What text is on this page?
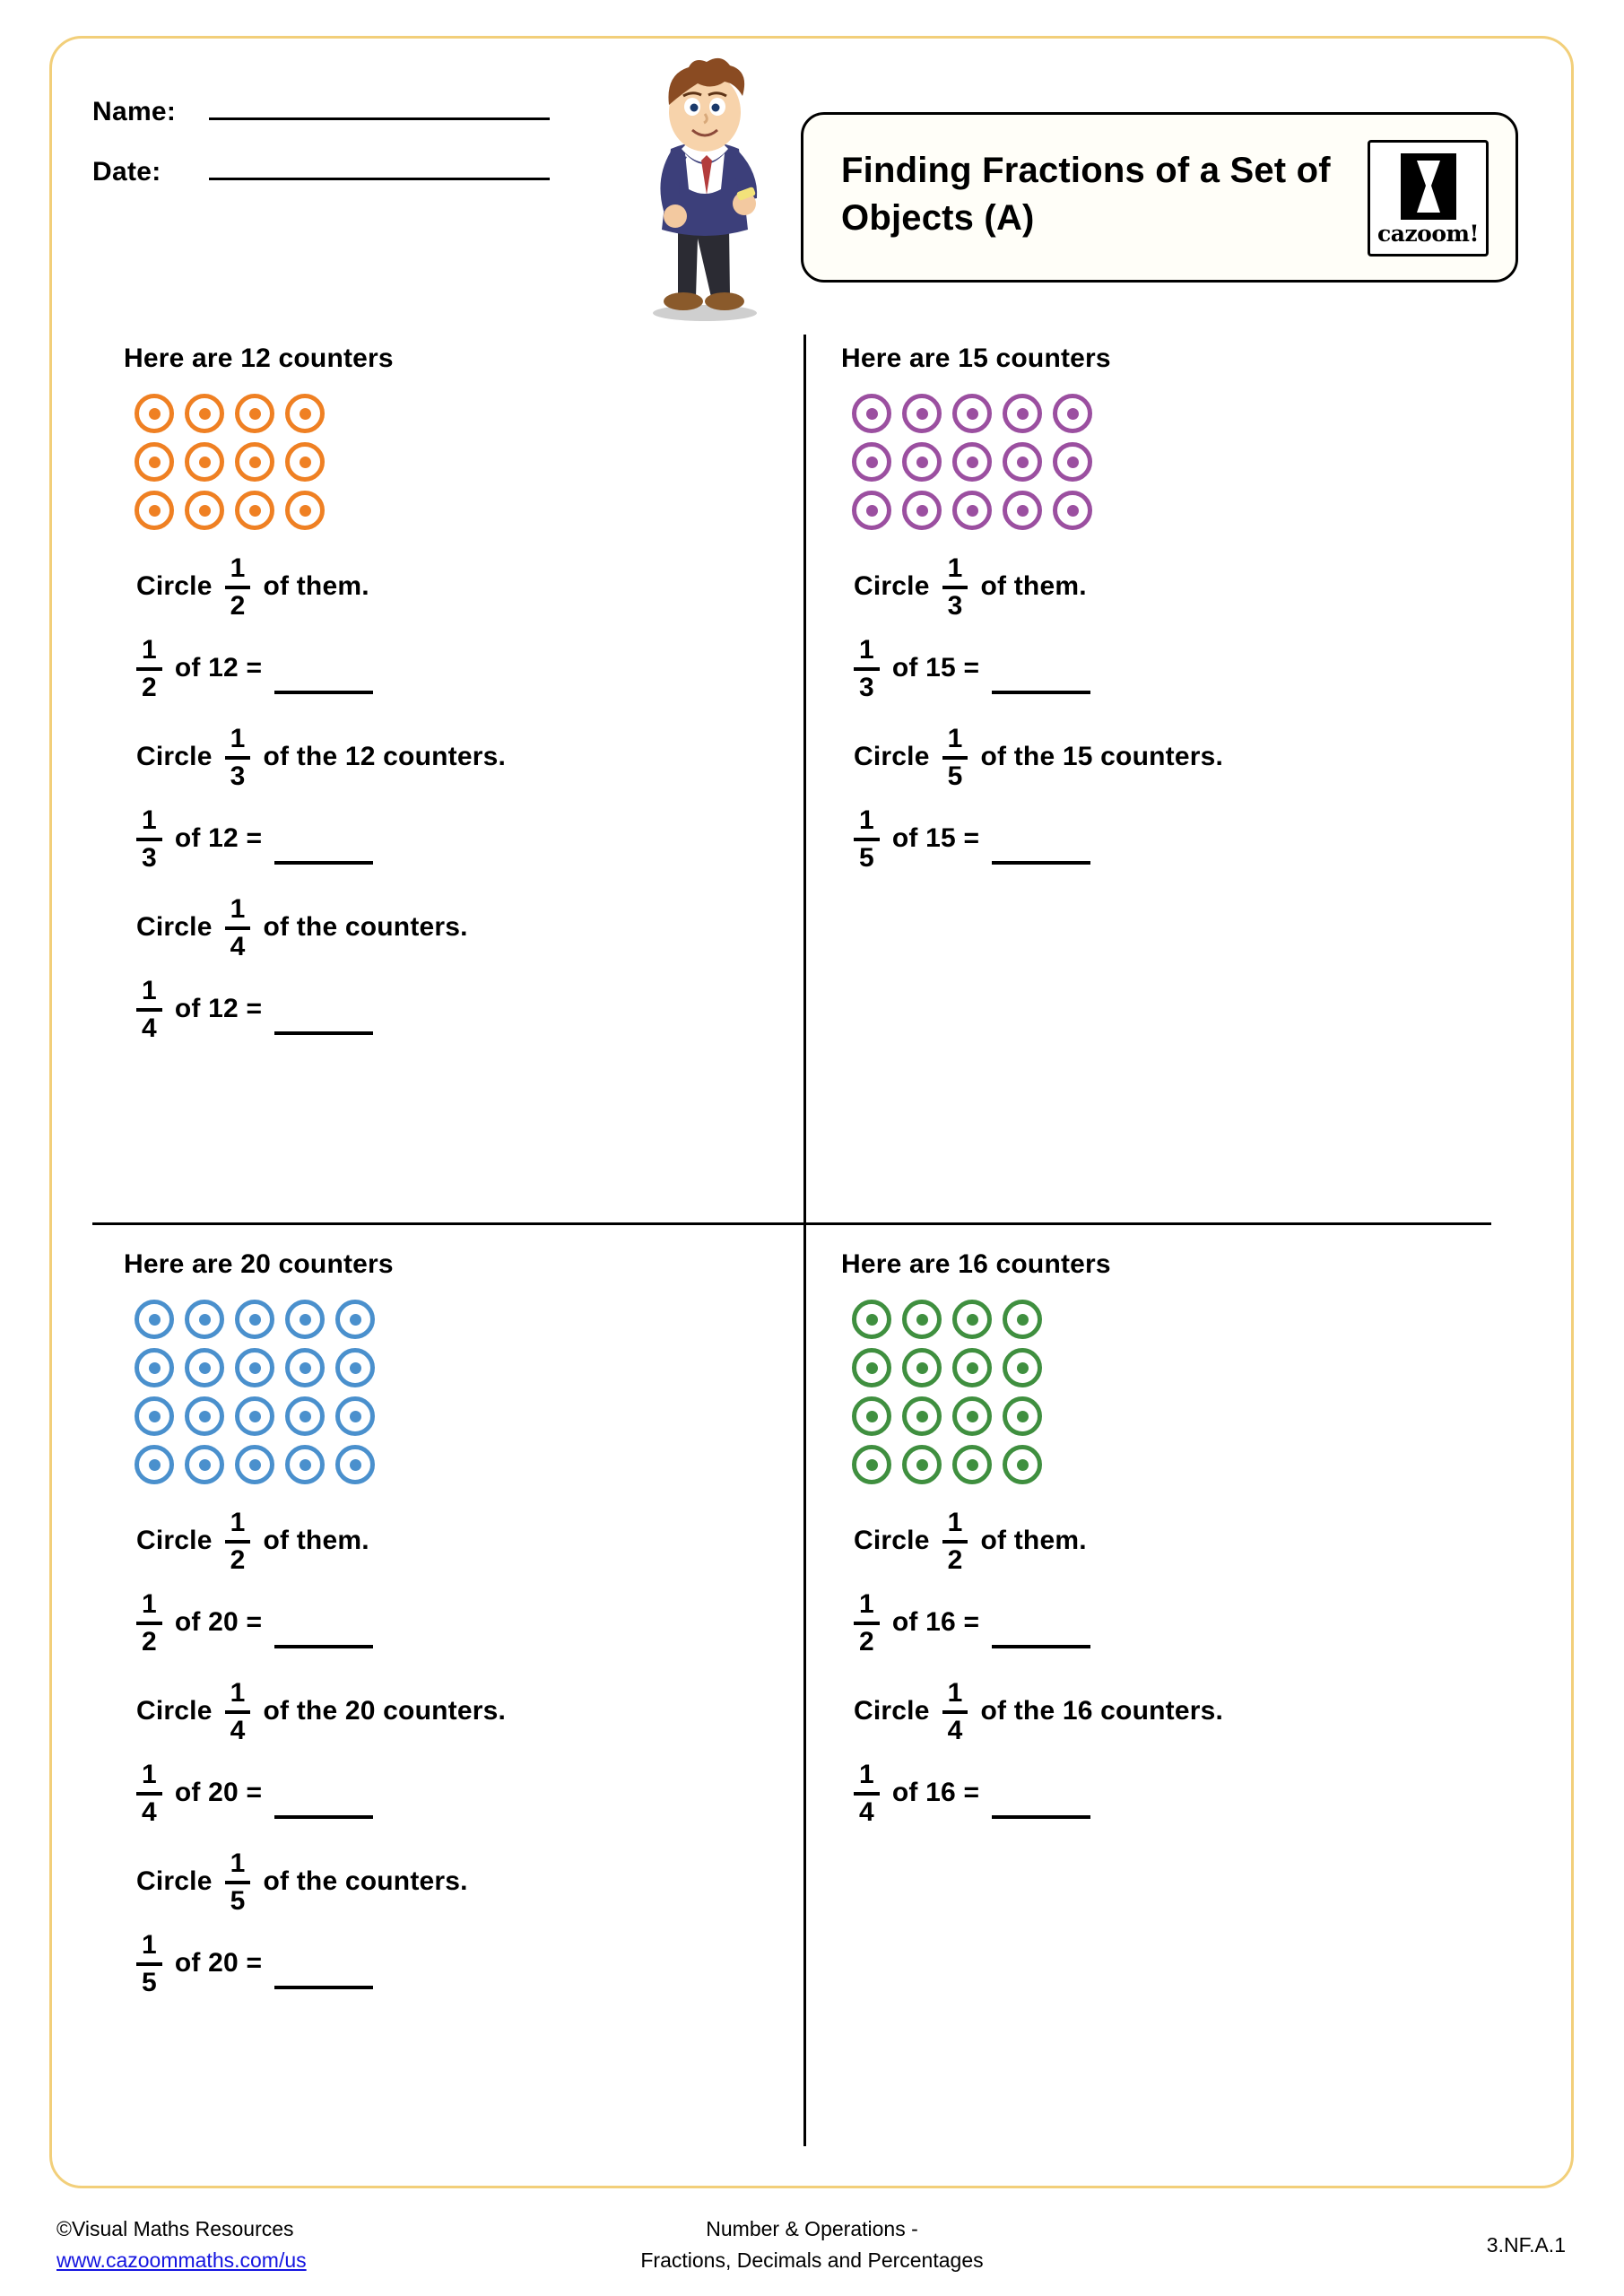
Name:
Date:	Finding Fractions of a Set of Objects (A)	cazoom!
Here are 12 counters
Circle $\frac{1}{2}$ of them.
$\frac{1}{2}$ of 12 =
Circle $\frac{1}{3}$ of the 12 counters.
$\frac{1}{3}$ of 12 =
Circle $\frac{1}{4}$ of the counters.
$\frac{1}{4}$ of 12 =
Here are 15 counters
Circle $\frac{1}{3}$ of them.
$\frac{1}{3}$ of 15 =
Circle $\frac{1}{5}$ of the 15 counters.
$\frac{1}{5}$ of 15 =
Here are 20 counters
Circle $\frac{1}{2}$ of them.
$\frac{1}{2}$ of 20 =
Circle $\frac{1}{4}$ of the 20 counters.
$\frac{1}{4}$ of 20 =
Circle $\frac{1}{5}$ of the counters.
$\frac{1}{5}$ of 20 =
Here are 16 counters
Circle $\frac{1}{2}$ of them.
$\frac{1}{2}$ of 16 =
Circle $\frac{1}{4}$ of the 16 counters.
$\frac{1}{4}$ of 16 =
©Visual Maths Resources
www.cazoommaths.com/us
Number & Operations -
Fractions, Decimals and Percentages
3.NF.A.1
